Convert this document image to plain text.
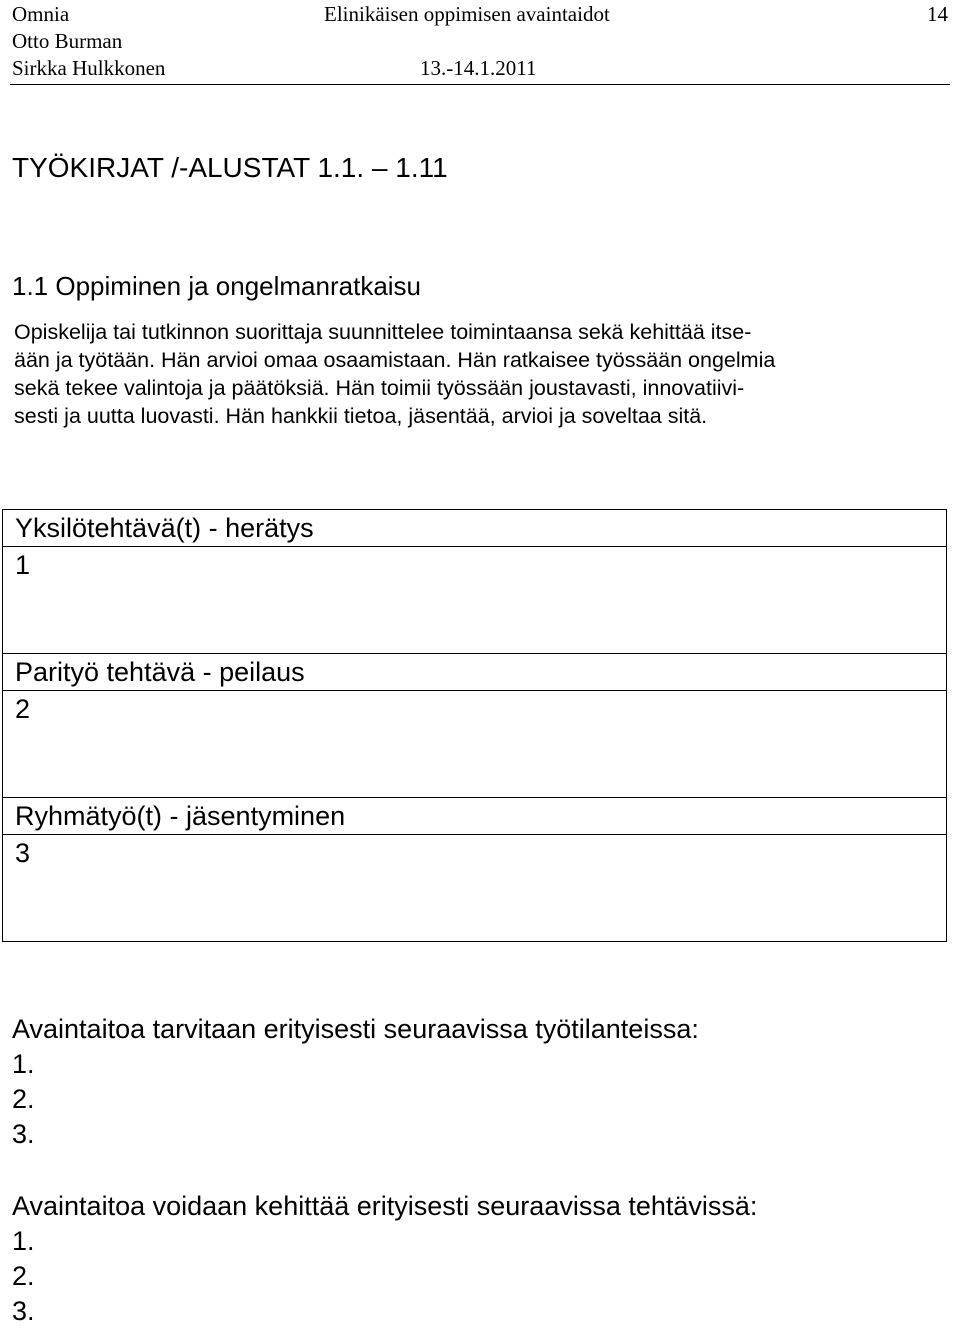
Omnia	Elinikäisen oppimisen avaintaidot	14
Otto Burman
Sirkka Hulkkonen	13.-14.1.2011
TYÖKIRJAT /-ALUSTAT 1.1. – 1.11
1.1 Oppiminen ja ongelmanratkaisu
Opiskelija tai tutkinnon suorittaja suunnittelee toimintaansa sekä kehittää itse-
ään ja työtään. Hän arvioi omaa osaamistaan. Hän ratkaisee työssään ongelmia
sekä tekee valintoja ja päätöksiä. Hän toimii työssään joustavasti, innovatiivi-
sesti ja uutta luovasti. Hän hankkii tietoa, jäsentää, arvioi ja soveltaa sitä.
Yksilötehtävä(t) - herätys
1
Parityö tehtävä - peilaus
2
Ryhmätyö(t) - jäsentyminen
3
Avaintaitoa tarvitaan erityisesti seuraavissa työtilanteissa:
1.
2.
3.
Avaintaitoa voidaan kehittää erityisesti seuraavissa tehtävissä:
1.
2.
3.
